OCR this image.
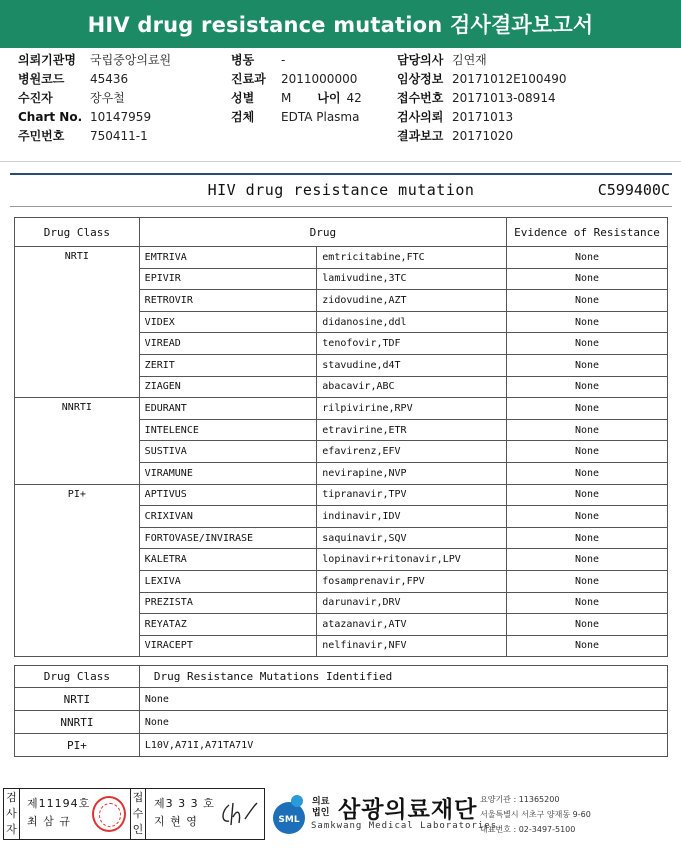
HIV drug resistance mutation 검사결과보고서
의뢰기관명	국립중앙의료원
병원코드	45436
수진자	장우철
Chart No. 10147959
주민번호	750411-1
병동	-
진료과	2011000000
성별	M 나이 42
검체	EDTA Plasma
담당의사 김연재
임상정보 20171012E100490
접수번호 20171013-08914
검사의뢰 20171013
결과보고 20171020
HIV drug resistance mutation	C599400C
Drug Class	Drug		Evidence of Resistance
NRTI	EMTRIVA	emtricitabine,FTC	None
	EPIVIR	lamivudine,3TC	None
	RETROVIR	zidovudine,AZT	None
	VIDEX	didanosine,ddl	None
	VIREAD	tenofovir,TDF	None
	ZERIT	stavudine,d4T	None
	ZIAGEN	abacavir,ABC	None
NNRTI	EDURANT	rilpivirine,RPV	None
	INTELENCE	etravirine,ETR	None
	SUSTIVA	efavirenz,EFV	None
	VIRAMUNE	nevirapine,NVP	None
PI+	APTIVUS	tipranavir,TPV	None
	CRIXIVAN	indinavir,IDV	None
	FORTOVASE/INVIRASE	saquinavir,SQV	None
	KALETRA	lopinavir+ritonavir,LPV	None
	LEXIVA	fosamprenavir,FPV	None
	PREZISTA	darunavir,DRV	None
	REYATAZ	atazanavir,ATV	None
	VIRACEPT	nelfinavir,NFV	None
Drug Class	Drug Resistance Mutations Identified
NRTI	None
NNRTI	None
PI+	L10V,A71I,A71TA71V
검
사
자
제11194호
최 삼 규
접
수
인
제3 3 3 호
지 현 영	SML
의료
법인 삼광의료재단
Samkwang Medical Laboratories
요양기관 : 11365200
서울특별시 서초구 양재동 9-60
대표번호 : 02-3497-5100
